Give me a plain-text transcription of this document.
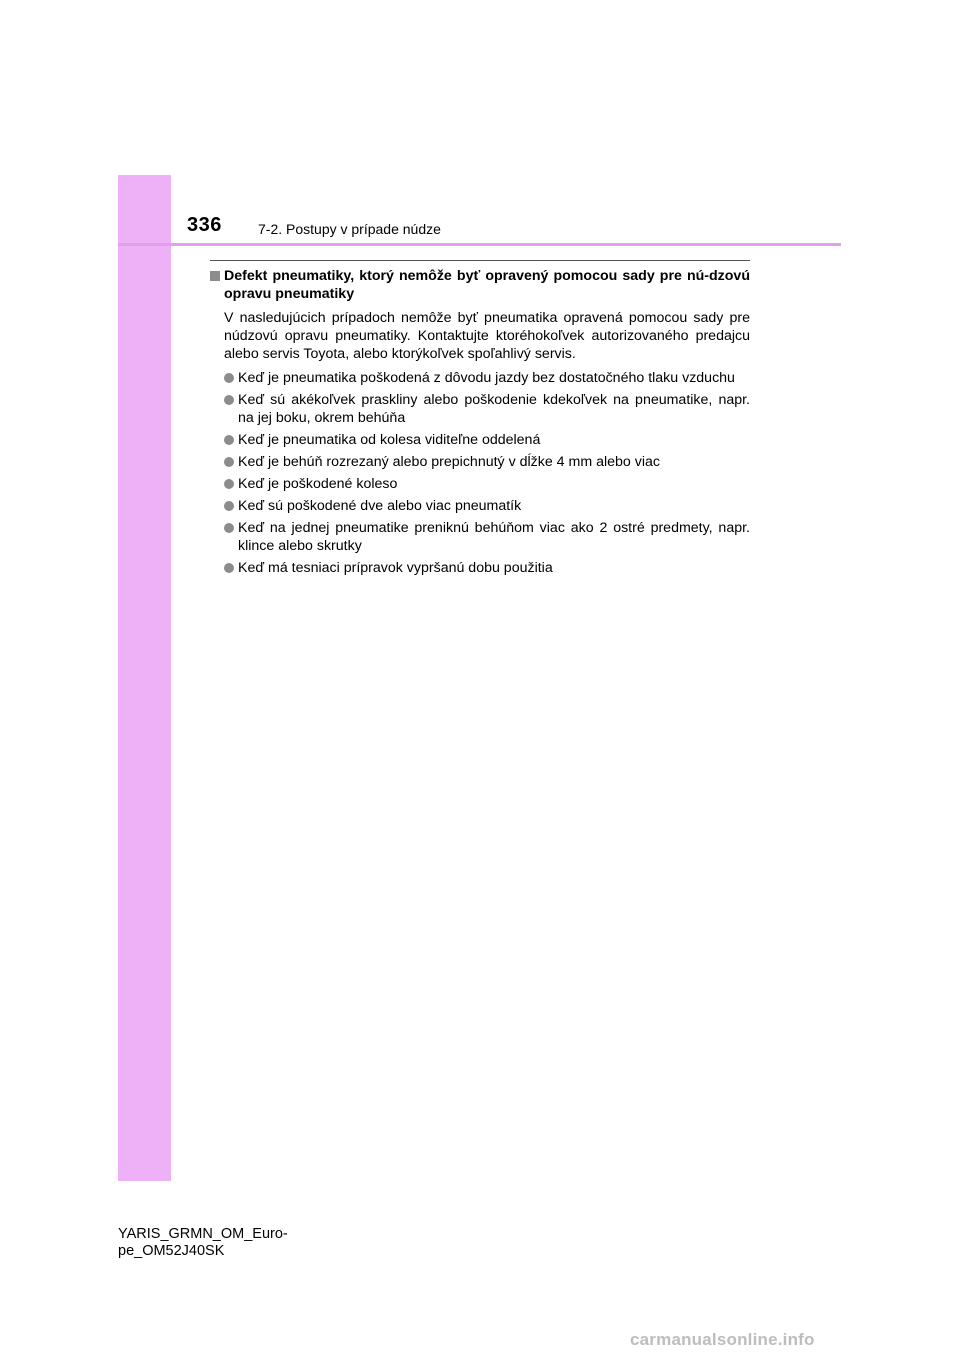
336	7-2. Postupy v prípade núdze
Defekt pneumatiky, ktorý nemôže byť opravený pomocou sady pre nú-dzovú opravu pneumatiky
V nasledujúcich prípadoch nemôže byť pneumatika opravená pomocou sady pre núdzovú opravu pneumatiky. Kontaktujte ktoréhokoľvek autorizovaného predajcu alebo servis Toyota, alebo ktorýkoľvek spoľahlivý servis.
Keď je pneumatika poškodená z dôvodu jazdy bez dostatočného tlaku vzduchu
Keď sú akékoľvek praskliny alebo poškodenie kdekoľvek na pneumatike, napr. na jej boku, okrem behúňa
Keď je pneumatika od kolesa viditeľne oddelená
Keď je behúň rozrezaný alebo prepichnutý v dĺžke 4 mm alebo viac
Keď je poškodené koleso
Keď sú poškodené dve alebo viac pneumatík
Keď na jednej pneumatike preniknú behúňom viac ako 2 ostré predmety, napr. klince alebo skrutky
Keď má tesniaci prípravok vypršanú dobu použitia
YARIS_GRMN_OM_Euro-
pe_OM52J40SK
carmanualsonline.info
